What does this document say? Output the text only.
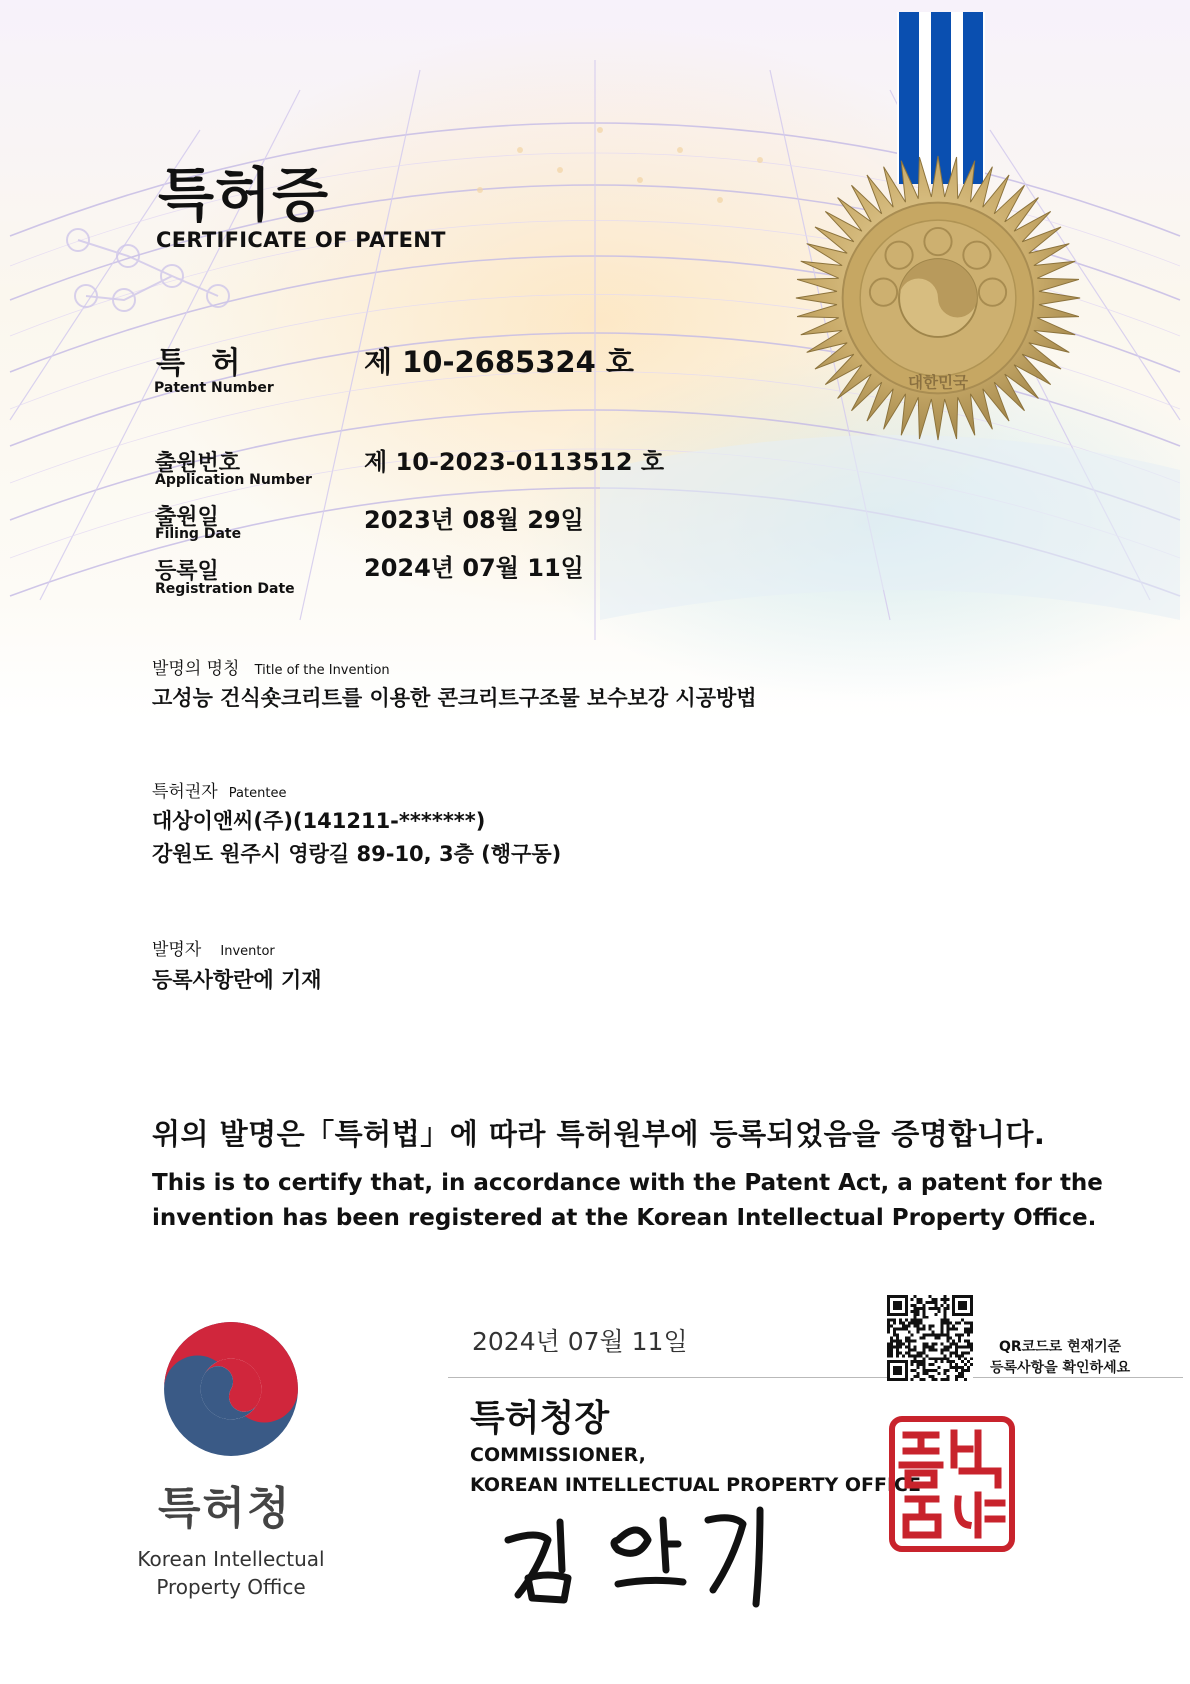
대한민국
특허증
CERTIFICATE OF PATENT
특 허
Patent Number
제 10-2685324 호
출원번호
Application Number
제 10-2023-0113512 호
출원일
Filing Date	2023년 08월 29일
등록일
Registration Date
2024년 07월 11일
발명의 명칭 Title of the Invention
고성능 건식숏크리트를 이용한 콘크리트구조물 보수보강 시공방법
특허권자 Patentee
대상이앤씨(주)(141211-*******)
강원도 원주시 영랑길 89-10, 3층 (행구동)
발명자 Inventor
등록사항란에 기재
위의 발명은「특허법」에 따라 특허원부에 등록되었음을 증명합니다.
This is to certify that, in accordance with the Patent Act, a patent for the
invention has been registered at the Korean Intellectual Property Office.
2024년 07월 11일
특허청장
COMMISSIONER,
KOREAN INTELLECTUAL PROPERTY OFFICE
QR코드로 현재기준
등록사항을 확인하세요
특허청
Korean Intellectual
Property Office
